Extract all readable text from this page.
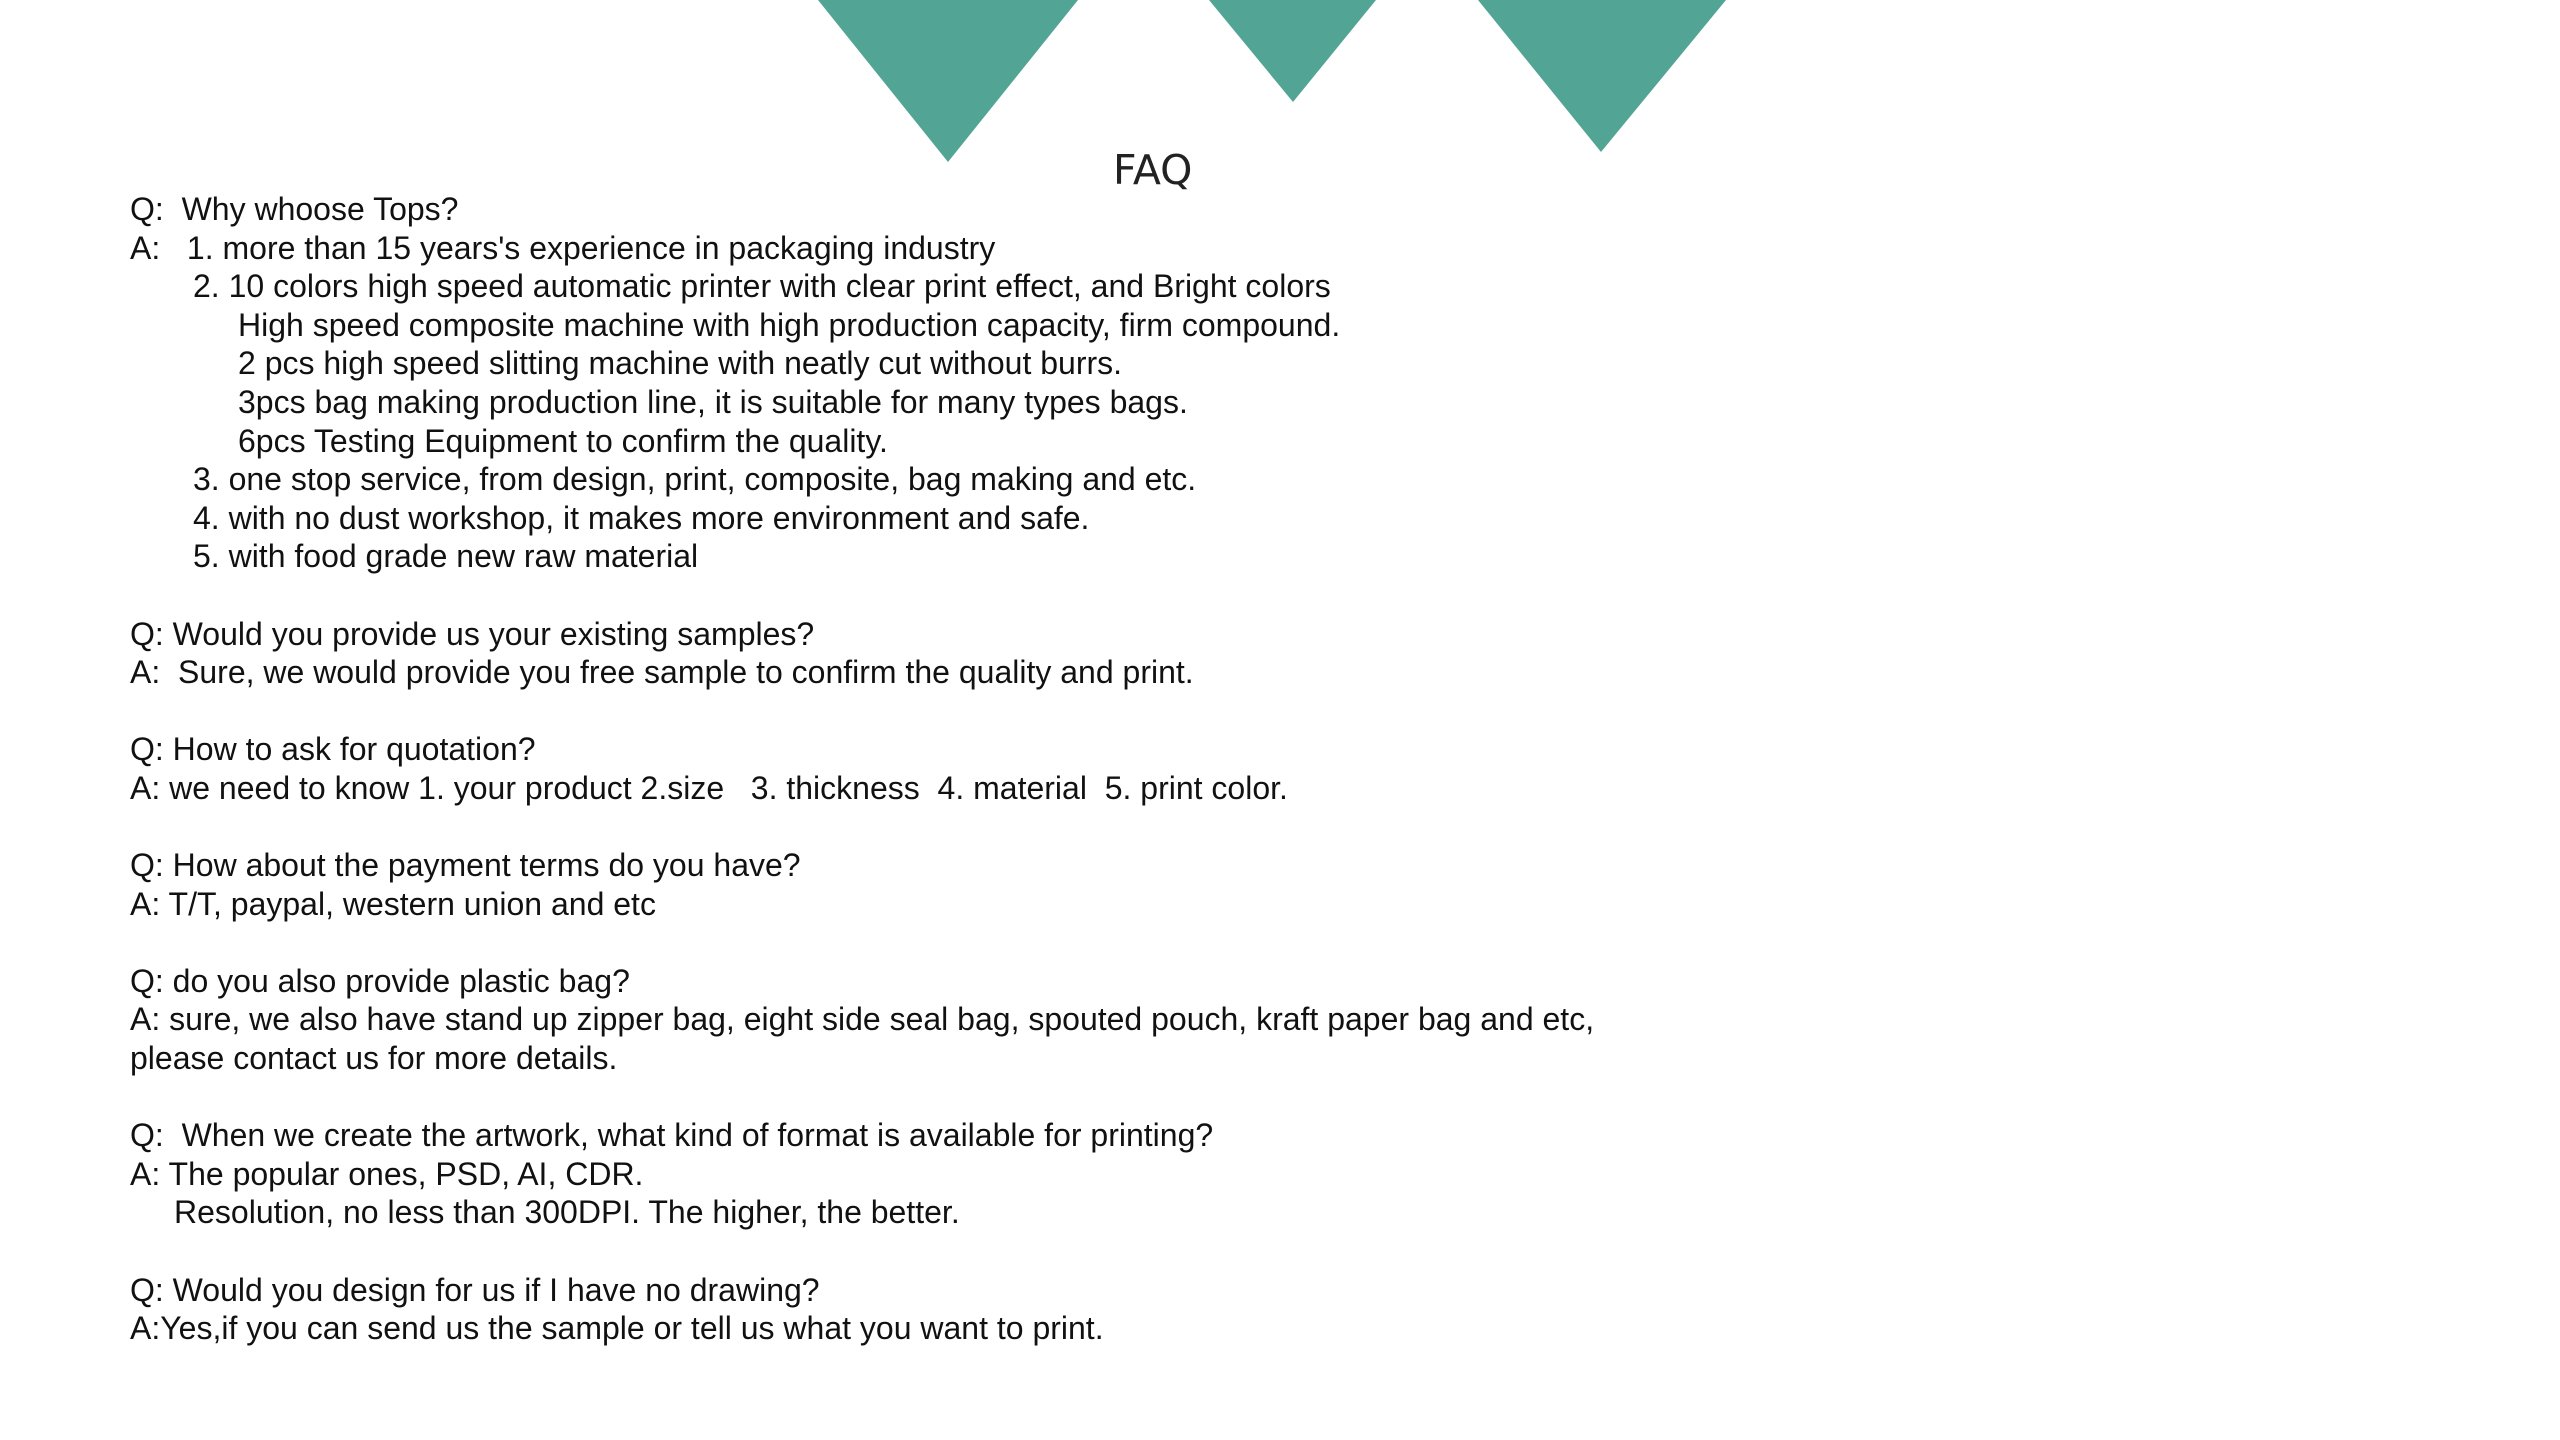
FAQ
Q:  Why whoose Tops?
A:   1. more than 15 years's experience in packaging industry
2. 10 colors high speed automatic printer with clear print effect, and Bright colors
High speed composite machine with high production capacity, firm compound.
2 pcs high speed slitting machine with neatly cut without burrs.
3pcs bag making production line, it is suitable for many types bags.
6pcs Testing Equipment to confirm the quality.
3. one stop service, from design, print, composite, bag making and etc.
4. with no dust workshop, it makes more environment and safe.
5. with food grade new raw material
Q: Would you provide us your existing samples?
A:  Sure, we would provide you free sample to confirm the quality and print.
Q: How to ask for quotation?
A: we need to know 1. your product 2.size   3. thickness  4. material  5. print color.
Q: How about the payment terms do you have?
A: T/T, paypal, western union and etc
Q: do you also provide plastic bag?
A: sure, we also have stand up zipper bag, eight side seal bag, spouted pouch, kraft paper bag and etc,
please contact us for more details.
Q:  When we create the artwork, what kind of format is available for printing?
A: The popular ones, PSD, AI, CDR.
Resolution, no less than 300DPI. The higher, the better.
Q: Would you design for us if I have no drawing?
A:Yes,if you can send us the sample or tell us what you want to print.
